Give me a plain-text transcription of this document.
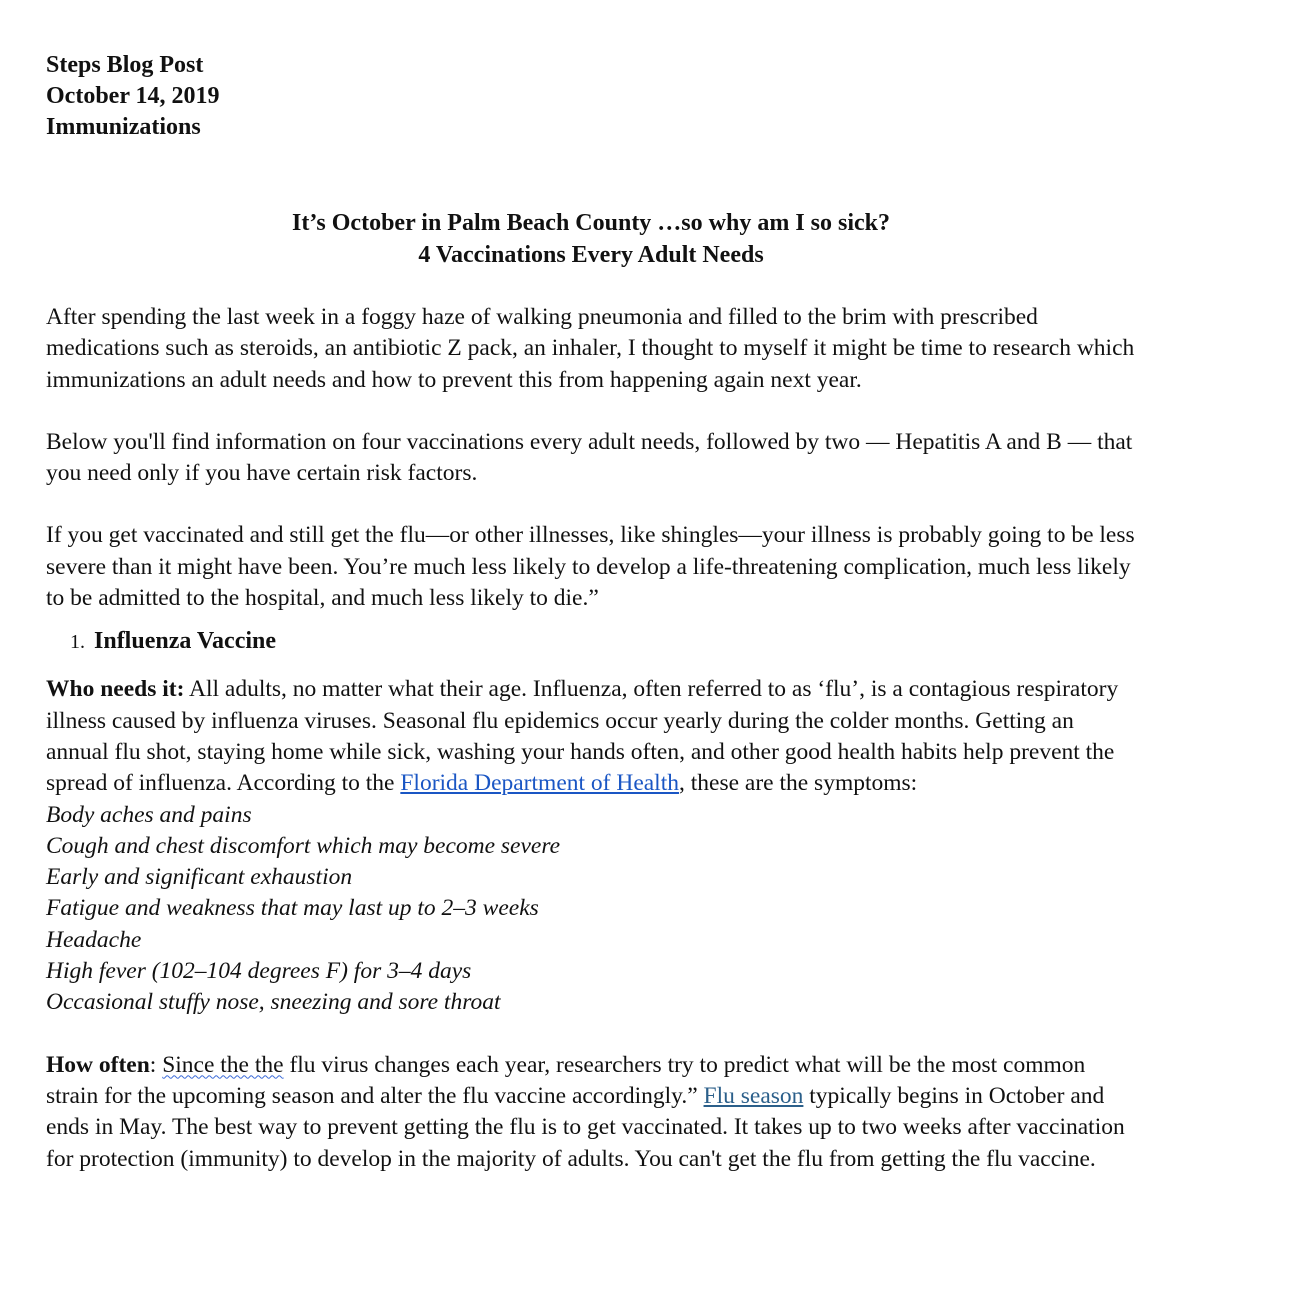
Steps Blog Post
October 14, 2019
Immunizations
It’s October in Palm Beach County …so why am I so sick?
4 Vaccinations Every Adult Needs

After spending the last week in a foggy haze of walking pneumonia and filled to the brim with prescribed medications such as steroids, an antibiotic Z pack, an inhaler, I thought to myself it might be time to research which immunizations an adult needs and how to prevent this from happening again next year.

Below you'll find information on four vaccinations every adult needs, followed by two — Hepatitis A and B — that you need only if you have certain risk factors.

If you get vaccinated and still get the flu—or other illnesses, like shingles—your illness is probably going to be less severe than it might have been. You’re much less likely to develop a life-threatening complication, much less likely to be admitted to the hospital, and much less likely to die.”

1. Influenza Vaccine

Who needs it: All adults, no matter what their age. Influenza, often referred to as ‘flu’, is a contagious respiratory illness caused by influenza viruses. Seasonal flu epidemics occur yearly during the colder months. Getting an annual flu shot, staying home while sick, washing your hands often, and other good health habits help prevent the spread of influenza. According to the Florida Department of Health, these are the symptoms:

Body aches and pains
Cough and chest discomfort which may become severe
Early and significant exhaustion
Fatigue and weakness that may last up to 2–3 weeks
Headache
High fever (102–104 degrees F) for 3–4 days
Occasional stuffy nose, sneezing and sore throat

How often: Since the the flu virus changes each year, researchers try to predict what will be the most common strain for the upcoming season and alter the flu vaccine accordingly.” Flu season typically begins in October and ends in May. The best way to prevent getting the flu is to get vaccinated. It takes up to two weeks after vaccination for protection (immunity) to develop in the majority of adults. You can't get the flu from getting the flu vaccine.
